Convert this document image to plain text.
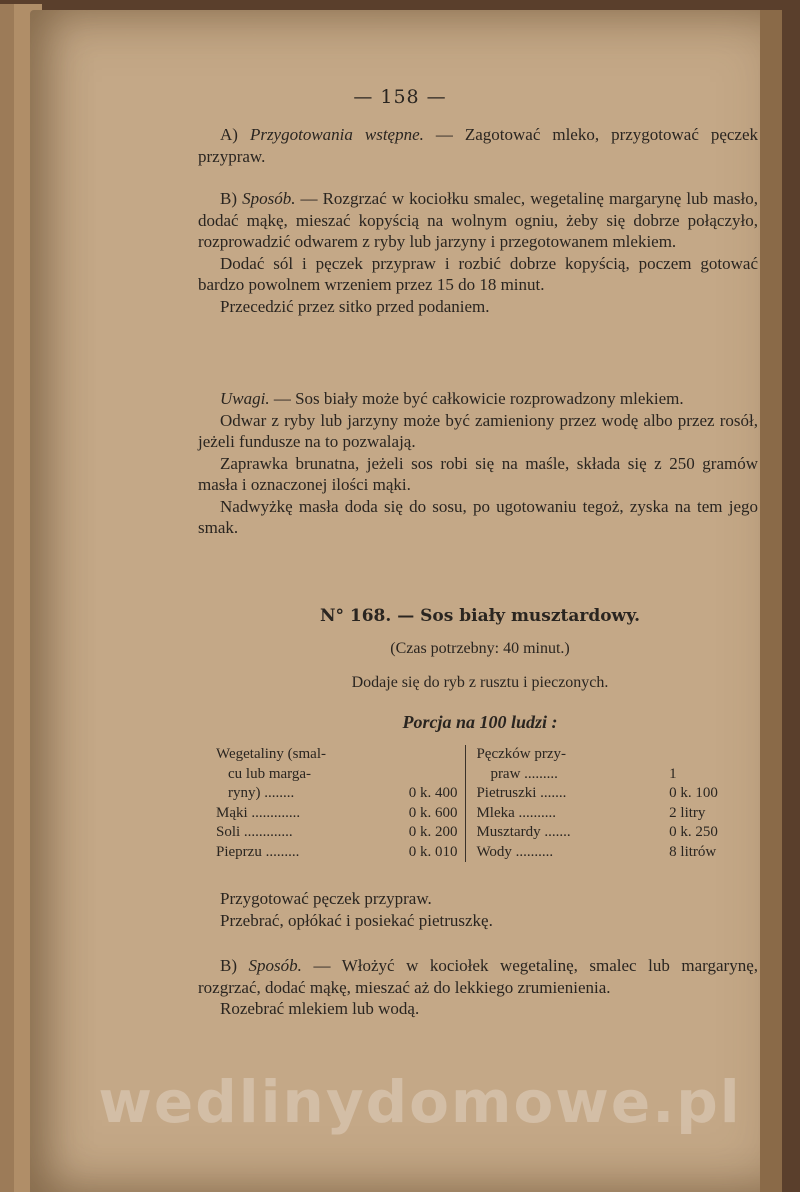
— 158 —

A) Przygotowania wstępne. — Zagotować mleko, przygotować pęczek przypraw.

B) Sposób. — Rozgrzać w kociołku smalec, wegetalinę margarynę lub masło, dodać mąkę, mieszać kopyścią na wolnym ogniu, żeby się dobrze połączyło, rozprowadzić odwarem z ryby lub jarzyny i przegotowanem mlekiem.

Dodać sól i pęczek przypraw i rozbić dobrze kopyścią, poczem gotować bardzo powolnem wrzeniem przez 15 do 18 minut.

Przecedzić przez sitko przed podaniem.

Uwagi. — Sos biały może być całkowicie rozprowadzony mlekiem.

Odwar z ryby lub jarzyny może być zamieniony przez wodę albo przez rosół, jeżeli fundusze na to pozwalają.

Zaprawka brunatna, jeżeli sos robi się na maśle, składa się z 250 gramów masła i oznaczonej ilości mąki.

Nadwyżkę masła doda się do sosu, po ugotowaniu tegoż, zyska na tem jego smak.

N° 168. — Sos biały musztardowy.
(Czas potrzebny: 40 minut.)
Dodaje się do ryb z rusztu i pieczonych.
Porcja na 100 ludzi :
Wegetaliny (smal-		Pęczków przy-	
cu lub marga-		praw .........	1
ryny) ........	0 k. 400	Pietruszki .......	0 k. 100
Mąki .............	0 k. 600	Mleka ..........	2 litry
Soli .............	0 k. 200	Musztardy .......	0 k. 250
Pieprzu .........	0 k. 010	Wody ..........	8 litrów

Przygotować pęczek przypraw.

Przebrać, opłókać i posiekać pietruszkę.

B) Sposób. — Włożyć w kociołek wegetalinę, smalec lub margarynę, rozgrzać, dodać mąkę, mieszać aż do lekkiego zrumienienia.

Rozebrać mlekiem lub wodą.

wedlinydomowe.pl
